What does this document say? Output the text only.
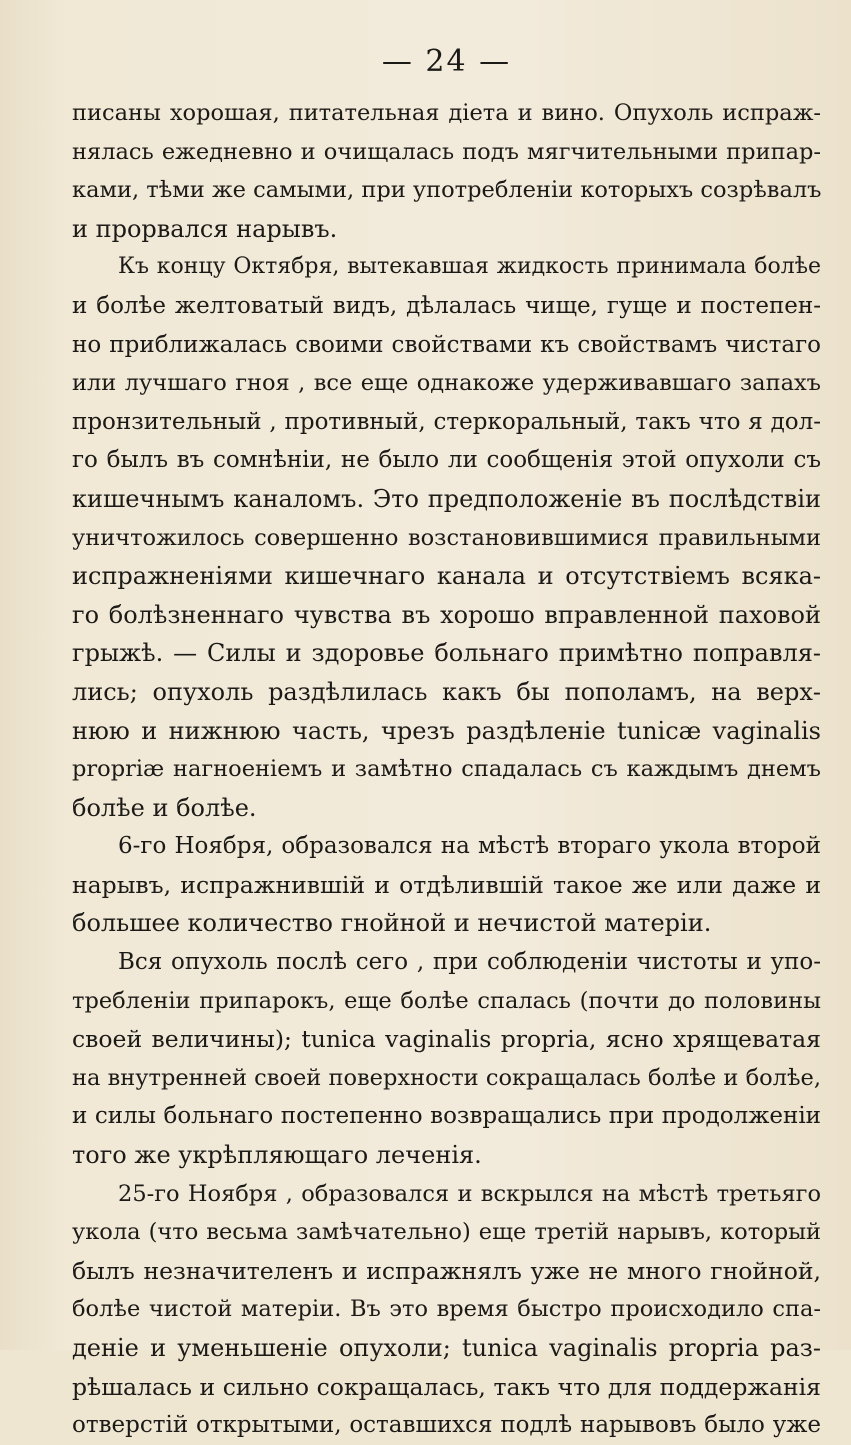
— 24 —
писаны хорошая, питательная діета и вино. Опухоль испраж-
нялась ежедневно и очищалась подъ мягчительными припар-
ками, тѣми же самыми, при употребленіи которыхъ созрѣвалъ
и прорвался нарывъ.
Къ концу Октября, вытекавшая жидкость принимала болѣе
и болѣе желтоватый видъ, дѣлалась чище, гуще и постепен-
но приближалась своими свойствами къ свойствамъ чистаго
или лучшаго гноя , все еще однакоже удерживавшаго запахъ
пронзительный , противный, стеркоральный, такъ что я дол-
го былъ въ сомнѣніи, не было ли сообщенія этой опухоли съ
кишечнымъ каналомъ. Это предположеніе въ послѣдствіи
уничтожилось совершенно возстановившимися правильными
испражненіями кишечнаго канала и отсутствіемъ всяка-
го болѣзненнаго чувства въ хорошо вправленной паховой
грыжѣ. — Силы и здоровье больнаго примѣтно поправля-
лись; опухоль раздѣлилась какъ бы пополамъ, на верх-
нюю и нижнюю часть, чрезъ раздѣленіе tunicæ vaginalis
propriæ нагноеніемъ и замѣтно спадалась съ каждымъ днемъ
болѣе и болѣе.
6-го Ноября, образовался на мѣстѣ втораго укола второй
нарывъ, испражнившій и отдѣлившій такое же или даже и
большее количество гнойной и нечистой матеріи.
Вся опухоль послѣ сего , при соблюденіи чистоты и упо-
требленіи припарокъ, еще болѣе спалась (почти до половины
своей величины); tunica vaginalis propria, ясно хрящеватая
на внутренней своей поверхности сокращалась болѣе и болѣе,
и силы больнаго постепенно возвращались при продолженіи
того же укрѣпляющаго леченія.
25-го Ноября , образовался и вскрылся на мѣстѣ третьяго
укола (что весьма замѣчательно) еще третій нарывъ, который
былъ незначителенъ и испражнялъ уже не много гнойной,
болѣе чистой матеріи. Въ это время быстро происходило спа-
деніе и уменьшеніе опухоли; tunica vaginalis propria раз-
рѣшалась и сильно сокращалась, такъ что для поддержанія
отверстій открытыми, оставшихся подлѣ нарывовъ было уже
